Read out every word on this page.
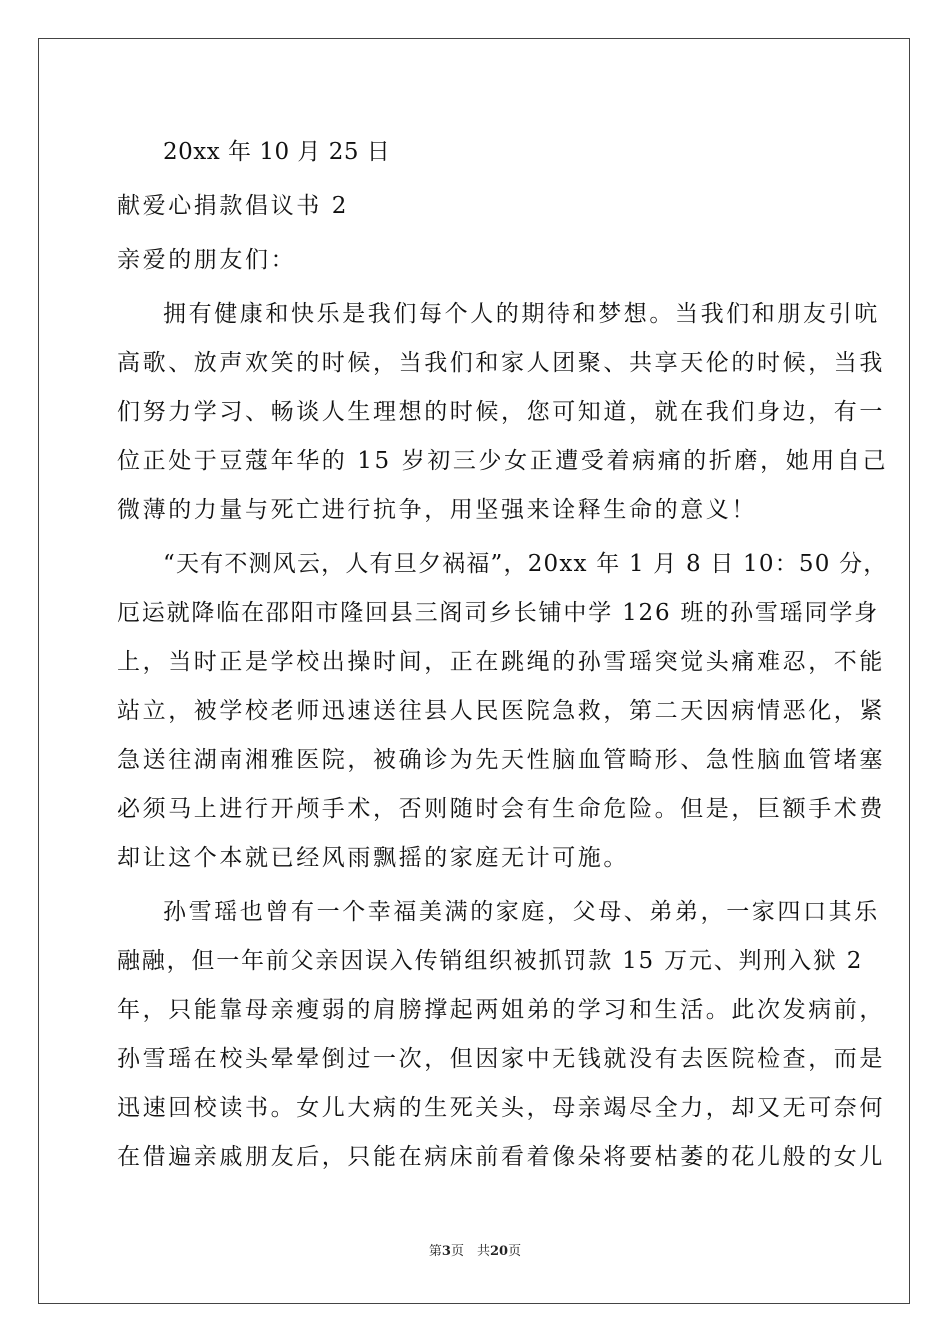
20xx 年 10 月 25 日
献爱心捐款倡议书 2
亲爱的朋友们：
拥有健康和快乐是我们每个人的期待和梦想。当我们和朋友引吭
高歌、放声欢笑的时候，当我们和家人团聚、共享天伦的时候，当我
们努力学习、畅谈人生理想的时候，您可知道，就在我们身边，有一
位正处于豆蔻年华的 15 岁初三少女正遭受着病痛的折磨，她用自己
微薄的力量与死亡进行抗争，用坚强来诠释生命的意义！
“天有不测风云，人有旦夕祸福”，20xx 年 1 月 8 日 10：50 分，
厄运就降临在邵阳市隆回县三阁司乡长铺中学 126 班的孙雪瑶同学身
上，当时正是学校出操时间，正在跳绳的孙雪瑶突觉头痛难忍，不能
站立，被学校老师迅速送往县人民医院急救，第二天因病情恶化，紧
急送往湖南湘雅医院，被确诊为先天性脑血管畸形、急性脑血管堵塞
必须马上进行开颅手术，否则随时会有生命危险。但是，巨额手术费
却让这个本就已经风雨飘摇的家庭无计可施。
孙雪瑶也曾有一个幸福美满的家庭，父母、弟弟，一家四口其乐
融融，但一年前父亲因误入传销组织被抓罚款 15 万元、判刑入狱 2
年，只能靠母亲瘦弱的肩膀撑起两姐弟的学习和生活。此次发病前，
孙雪瑶在校头晕晕倒过一次，但因家中无钱就没有去医院检查，而是
迅速回校读书。女儿大病的生死关头，母亲竭尽全力，却又无可奈何
在借遍亲戚朋友后，只能在病床前看着像朵将要枯萎的花儿般的女儿
第3页　共20页
